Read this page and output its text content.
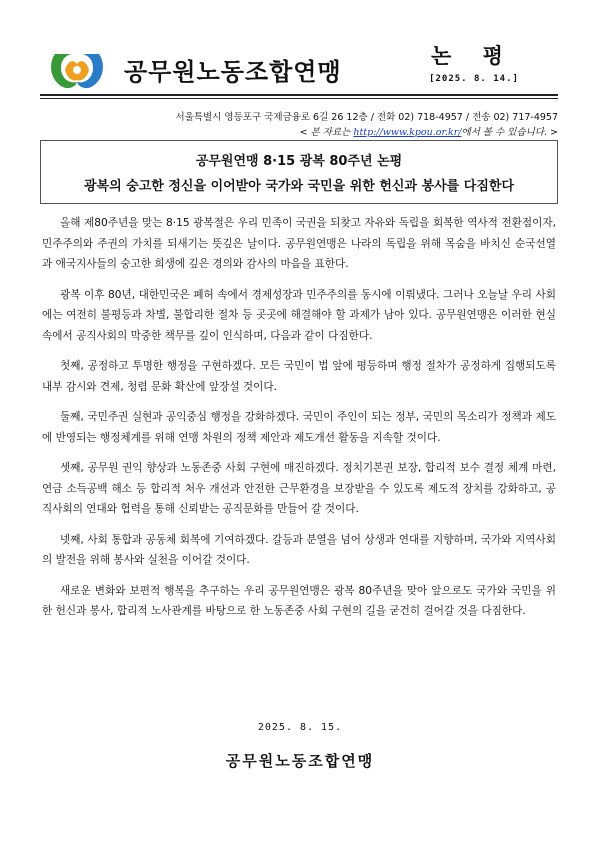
공무원노동조합연맹
논 평
[2025. 8. 14.]
서울특별시 영등포구 국제금융로 6길 26 12층 / 전화 02) 718-4957 / 전송 02) 717-4957
< 본 자료는 http://www.kpou.or.kr/에서 볼 수 있습니다. >
공무원연맹 8·15 광복 80주년 논평
광복의 숭고한 정신을 이어받아 국가와 국민을 위한 헌신과 봉사를 다짐한다

올해 제80주년을 맞는 8·15 광복절은 우리 민족이 국권을 되찾고 자유와 독립을 회복한 역사적 전환점이자, 민주주의와 주권의 가치를 되새기는 뜻깊은 날이다. 공무원연맹은 나라의 독립을 위해 목숨을 바치신 순국선열과 애국지사들의 숭고한 희생에 깊은 경의와 감사의 마음을 표한다.

광복 이후 80년, 대한민국은 폐허 속에서 경제성장과 민주주의를 동시에 이뤄냈다. 그러나 오늘날 우리 사회에는 여전히 불평등과 차별, 불합리한 절차 등 곳곳에 해결해야 할 과제가 남아 있다. 공무원연맹은 이러한 현실 속에서 공직사회의 막중한 책무를 깊이 인식하며, 다음과 같이 다짐한다.

첫째, 공정하고 투명한 행정을 구현하겠다. 모든 국민이 법 앞에 평등하며 행정 절차가 공정하게 집행되도록 내부 감시와 견제, 청렴 문화 확산에 앞장설 것이다.

둘째, 국민주권 실현과 공익중심 행정을 강화하겠다. 국민이 주인이 되는 정부, 국민의 목소리가 정책과 제도에 반영되는 행정체계를 위해 연맹 차원의 정책 제안과 제도개선 활동을 지속할 것이다.

셋째, 공무원 권익 향상과 노동존중 사회 구현에 매진하겠다. 정치기본권 보장, 합리적 보수 결정 체계 마련, 연금 소득공백 해소 등 합리적 처우 개선과 안전한 근무환경을 보장받을 수 있도록 제도적 장치를 강화하고, 공직사회의 연대와 협력을 통해 신뢰받는 공직문화를 만들어 갈 것이다.

넷째, 사회 통합과 공동체 회복에 기여하겠다. 갈등과 분열을 넘어 상생과 연대를 지향하며, 국가와 지역사회의 발전을 위해 봉사와 실천을 이어갈 것이다.

새로운 변화와 보편적 행복을 추구하는 우리 공무원연맹은 광복 80주년을 맞아 앞으로도 국가와 국민을 위한 헌신과 봉사, 합리적 노사관계를 바탕으로 한 노동존중 사회 구현의 길을 굳건히 걸어갈 것을 다짐한다.

2025. 8. 15.
공무원노동조합연맹
